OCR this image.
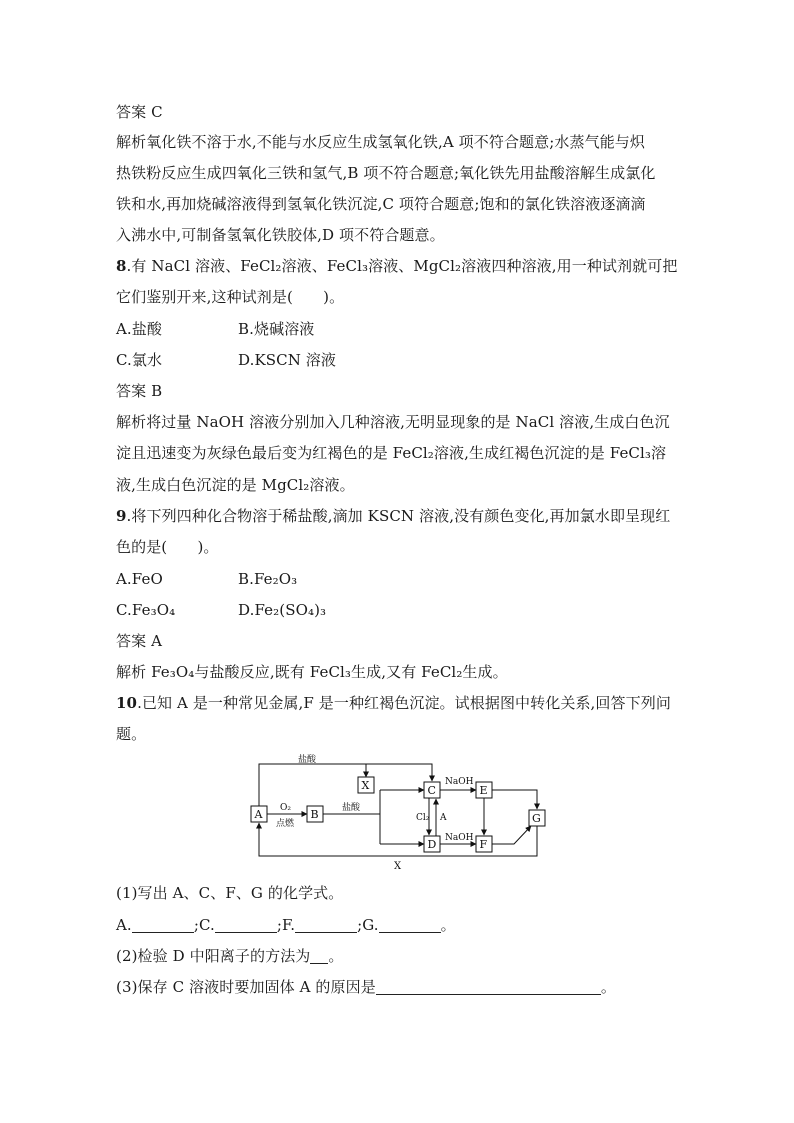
答案 C
解析氧化铁不溶于水,不能与水反应生成氢氧化铁,A 项不符合题意;水蒸气能与炽
热铁粉反应生成四氧化三铁和氢气,B 项不符合题意;氧化铁先用盐酸溶解生成氯化
铁和水,再加烧碱溶液得到氢氧化铁沉淀,C 项符合题意;饱和的氯化铁溶液逐滴滴
入沸水中,可制备氢氧化铁胶体,D 项不符合题意。
8.有 NaCl 溶液、FeCl₂溶液、FeCl₃溶液、MgCl₂溶液四种溶液,用一种试剂就可把
它们鉴别开来,这种试剂是(　　)。
A.盐酸	B.烧碱溶液
C.氯水	D.KSCN 溶液
答案 B
解析将过量 NaOH 溶液分别加入几种溶液,无明显现象的是 NaCl 溶液,生成白色沉
淀且迅速变为灰绿色最后变为红褐色的是 FeCl₂溶液,生成红褐色沉淀的是 FeCl₃溶
液,生成白色沉淀的是 MgCl₂溶液。
9.将下列四种化合物溶于稀盐酸,滴加 KSCN 溶液,没有颜色变化,再加氯水即呈现红
色的是(　　)。
A.FeO	B.Fe₂O₃
C.Fe₃O₄	D.Fe₂(SO₄)₃
答案 A
解析 Fe₃O₄与盐酸反应,既有 FeCl₃生成,又有 FeCl₂生成。
10.已知 A 是一种常见金属,F 是一种红褐色沉淀。试根据图中转化关系,回答下列问
题。
盐酸
O₂
点燃
盐酸
Cl₂ A
NaOH
NaOH
X
A	B
X	C
D
E
F
G
(1)写出 A、C、F、G 的化学式。
A.	;C.	;F.	;G.	。
(2)检验 D 中阳离子的方法为 。
(3)保存 C 溶液时要加固体 A 的原因是	。
